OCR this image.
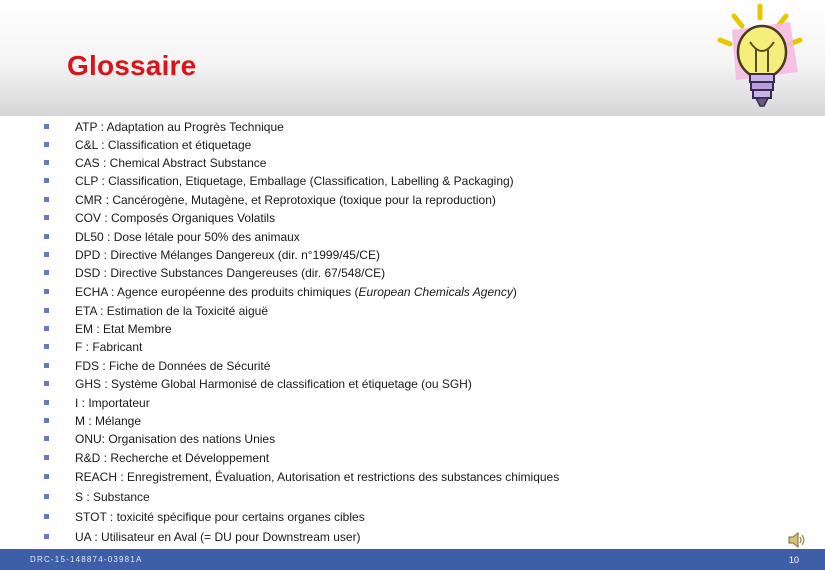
Glossaire
ATP : Adaptation au Progrès Technique
C&L : Classification et étiquetage
CAS : Chemical Abstract Substance
CLP : Classification, Etiquetage, Emballage (Classification, Labelling & Packaging)
CMR : Cancérogène, Mutagène, et Reprotoxique (toxique pour la reproduction)
COV : Composés Organiques Volatils
DL50 : Dose létale pour 50% des animaux
DPD : Directive Mélanges Dangereux (dir. n°1999/45/CE)
DSD : Directive Substances Dangereuses (dir. 67/548/CE)
ECHA : Agence européenne des produits chimiques (European Chemicals Agency)
ETA : Estimation de la Toxicité aiguë
EM : Etat Membre
F : Fabricant
FDS : Fiche de Données de Sécurité
GHS : Système Global Harmonisé de classification et étiquetage (ou SGH)
I : Importateur
M : Mélange
ONU: Organisation des nations Unies
R&D : Recherche et Développement
REACH : Enregistrement, Évaluation, Autorisation et restrictions des substances chimiques
S : Substance
STOT : toxicité spécifique pour certains organes cibles
UA : Utilisateur en Aval (= DU pour Downstream user)
DRC-15-148874-03981A	10
